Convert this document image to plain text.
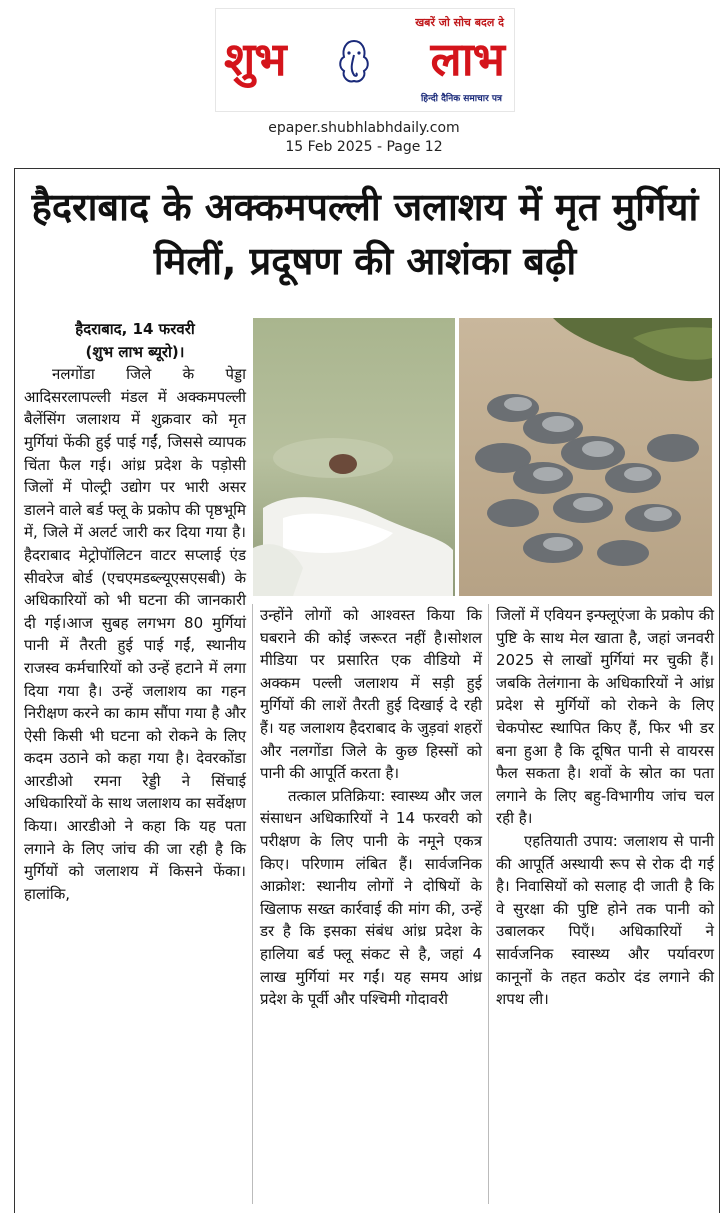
खबरें जो सोच बदल दे
शुभ	लाभ
हिन्दी दैनिक समाचार पत्र
epaper.shubhlabhdaily.com
15 Feb 2025 - Page 12
हैदराबाद के अक्कमपल्ली जलाशय में मृत मुर्गियां
मिलीं, प्रदूषण की आशंका बढ़ी
हैदराबाद, 14 फरवरी
(शुभ लाभ ब्यूरो)।

नलगोंडा जिले के पेड्डा आदिसरलापल्ली मंडल में अक्कमपल्ली बैलेंसिंग जलाशय में शुक्रवार को मृत मुर्गियां फेंकी हुई पाई गईं, जिससे व्यापक चिंता फैल गई। आंध्र प्रदेश के पड़ोसी जिलों में पोल्ट्री उद्योग पर भारी असर डालने वाले बर्ड फ्लू के प्रकोप की पृष्ठभूमि में, जिले में अलर्ट जारी कर दिया गया है। हैदराबाद मेट्रोपॉलिटन वाटर सप्लाई एंड सीवरेज बोर्ड (एचएमडब्ल्यूएसएसबी) के अधिकारियों को भी घटना की जानकारी दी गई।आज सुबह लगभग 80 मुर्गियां पानी में तैरती हुई पाई गईं, स्थानीय राजस्व कर्मचारियों को उन्हें हटाने में लगा दिया गया है। उन्हें जलाशय का गहन निरीक्षण करने का काम सौंपा गया है और ऐसी किसी भी घटना को रोकने के लिए कदम उठाने को कहा गया है। देवरकोंडा आरडीओ रमना रेड्डी ने सिंचाई अधिकारियों के साथ जलाशय का सर्वेक्षण किया। आरडीओ ने कहा कि यह पता लगाने के लिए जांच की जा रही है कि मुर्गियों को जलाशय में किसने फेंका। हालांकि,

उन्होंने लोगों को आश्वस्त किया कि घबराने की कोई जरूरत नहीं है।सोशल मीडिया पर प्रसारित एक वीडियो में अक्कम पल्ली जलाशय में सड़ी हुई मुर्गियों की लाशें तैरती हुई दिखाई दे रही हैं। यह जलाशय हैदराबाद के जुड़वां शहरों और नलगोंडा जिले के कुछ हिस्सों को पानी की आपूर्ति करता है।

तत्काल प्रतिक्रिया: स्वास्थ्य और जल संसाधन अधिकारियों ने 14 फरवरी को परीक्षण के लिए पानी के नमूने एकत्र किए। परिणाम लंबित हैं। सार्वजनिक आक्रोश: स्थानीय लोगों ने दोषियों के खिलाफ सख्त कार्रवाई की मांग की, उन्हें डर है कि इसका संबंध आंध्र प्रदेश के हालिया बर्ड फ्लू संकट से है, जहां 4 लाख मुर्गियां मर गईं। यह समय आंध्र प्रदेश के पूर्वी और पश्चिमी गोदावरी

जिलों में एवियन इन्फ्लूएंजा के प्रकोप की पुष्टि के साथ मेल खाता है, जहां जनवरी 2025 से लाखों मुर्गियां मर चुकी हैं। जबकि तेलंगाना के अधिकारियों ने आंध्र प्रदेश से मुर्गियों को रोकने के लिए चेकपोस्ट स्थापित किए हैं, फिर भी डर बना हुआ है कि दूषित पानी से वायरस फैल सकता है। शवों के स्रोत का पता लगाने के लिए बहु-विभागीय जांच चल रही है।

एहतियाती उपाय: जलाशय से पानी की आपूर्ति अस्थायी रूप से रोक दी गई है। निवासियों को सलाह दी जाती है कि वे सुरक्षा की पुष्टि होने तक पानी को उबालकर पिएँ। अधिकारियों ने सार्वजनिक स्वास्थ्य और पर्यावरण कानूनों के तहत कठोर दंड लगाने की शपथ ली।
